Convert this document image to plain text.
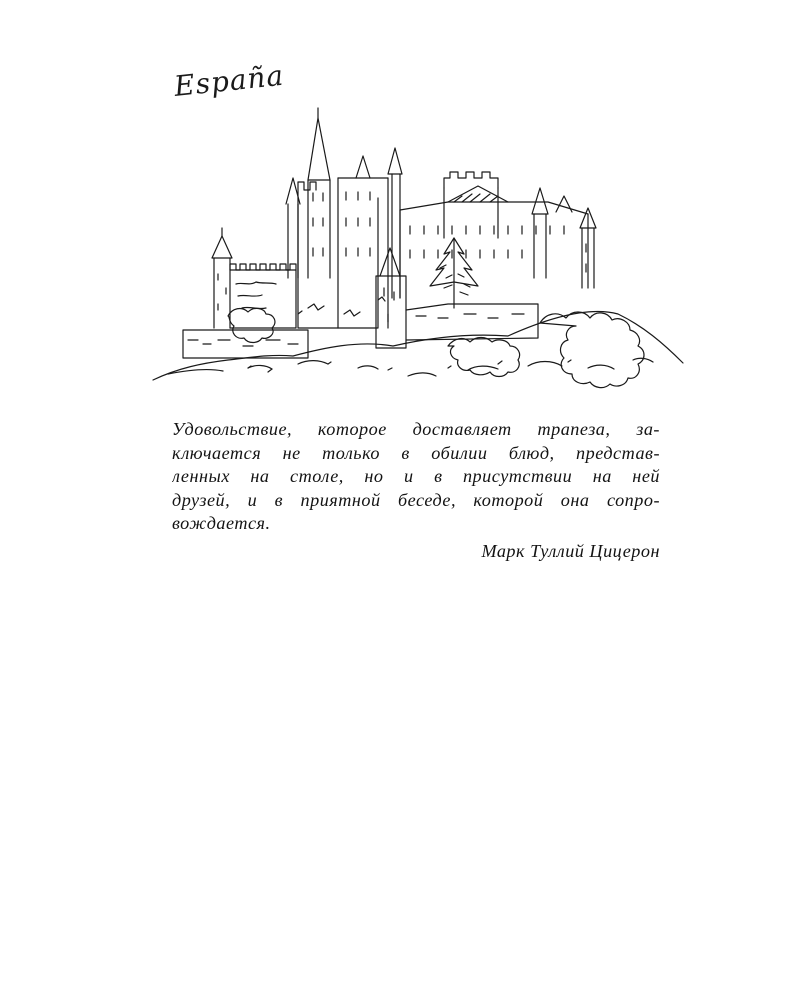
España

Удовольствие, которое доставляет трапеза, за-
ключается не только в обилии блюд, представ-
ленных на столе, но и в присутствии на ней
друзей, и в приятной беседе, которой она сопро-
вождается.

Марк Туллий Цицерон
